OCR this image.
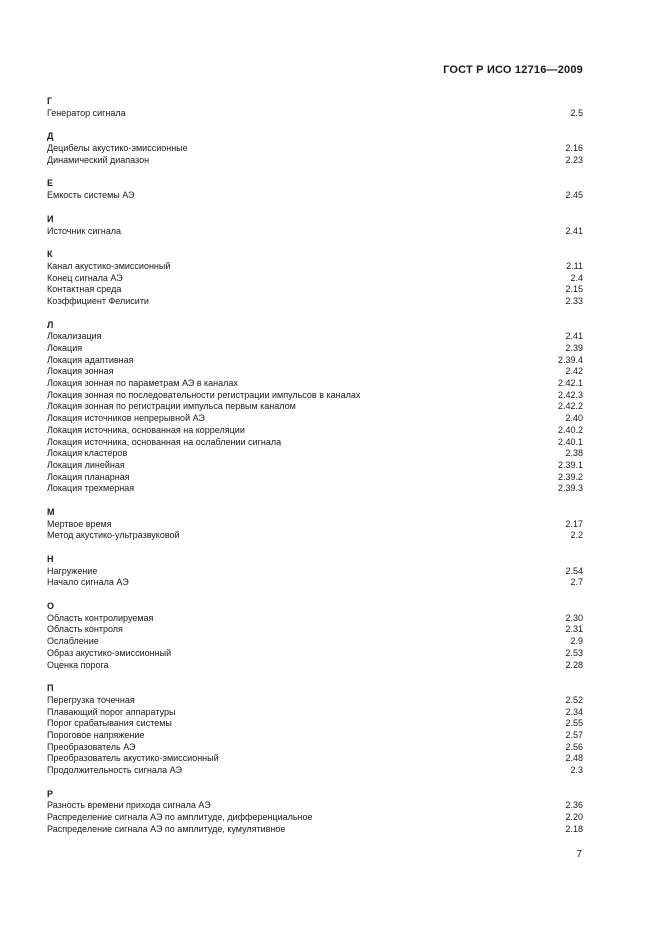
ГОСТ Р ИСО 12716—2009
Г
Генератор сигнала	2.5
Д
Децибелы акустико-эмиссионные	2.16
Динамический диапазон	2.23
Е
Емкость системы АЭ	2.45
И
Источник сигнала	2.41
К
Канал акустико-эмиссионный	2.11
Конец сигнала АЭ	2.4
Контактная среда	2.15
Коэффициент Фелисити	2.33
Л
Локализация	2.41
Локация	2.39
Локация адаптивная	2.39.4
Локация зонная	2.42
Локация зонная по параметрам АЭ в каналах	2.42.1
Локация зонная по последовательности регистрации импульсов в каналах	2.42.3
Локация зонная по регистрации импульса первым каналом	2.42.2
Локация источников непрерывной АЭ	2.40
Локация источника, основанная на корреляции	2.40.2
Локация источника, основанная на ослаблении сигнала	2.40.1
Локация кластеров	2.38
Локация линейная	2.39.1
Локация планарная	2.39.2
Локация трехмерная	2.39.3
М
Мертвое время	2.17
Метод акустико-ультразвуковой	2.2
Н
Нагружение	2.54
Начало сигнала АЭ	2.7
О
Область контролируемая	2.30
Область контроля	2.31
Ослабление	2.9
Образ акустико-эмиссионный	2.53
Оценка порога	2.28
П
Перегрузка точечная	2.52
Плавающий порог аппаратуры	2.34
Порог срабатывания системы	2.55
Пороговое напряжение	2.57
Преобразователь АЭ	2.56
Преобразователь акустико-эмиссионный	2.48
Продолжительность сигнала АЭ	2.3
Р
Разность времени прихода сигнала АЭ	2.36
Распределение сигнала АЭ по амплитуде, дифференциальное	2.20
Распределение сигнала АЭ по амплитуде, кумулятивное	2.18
7
